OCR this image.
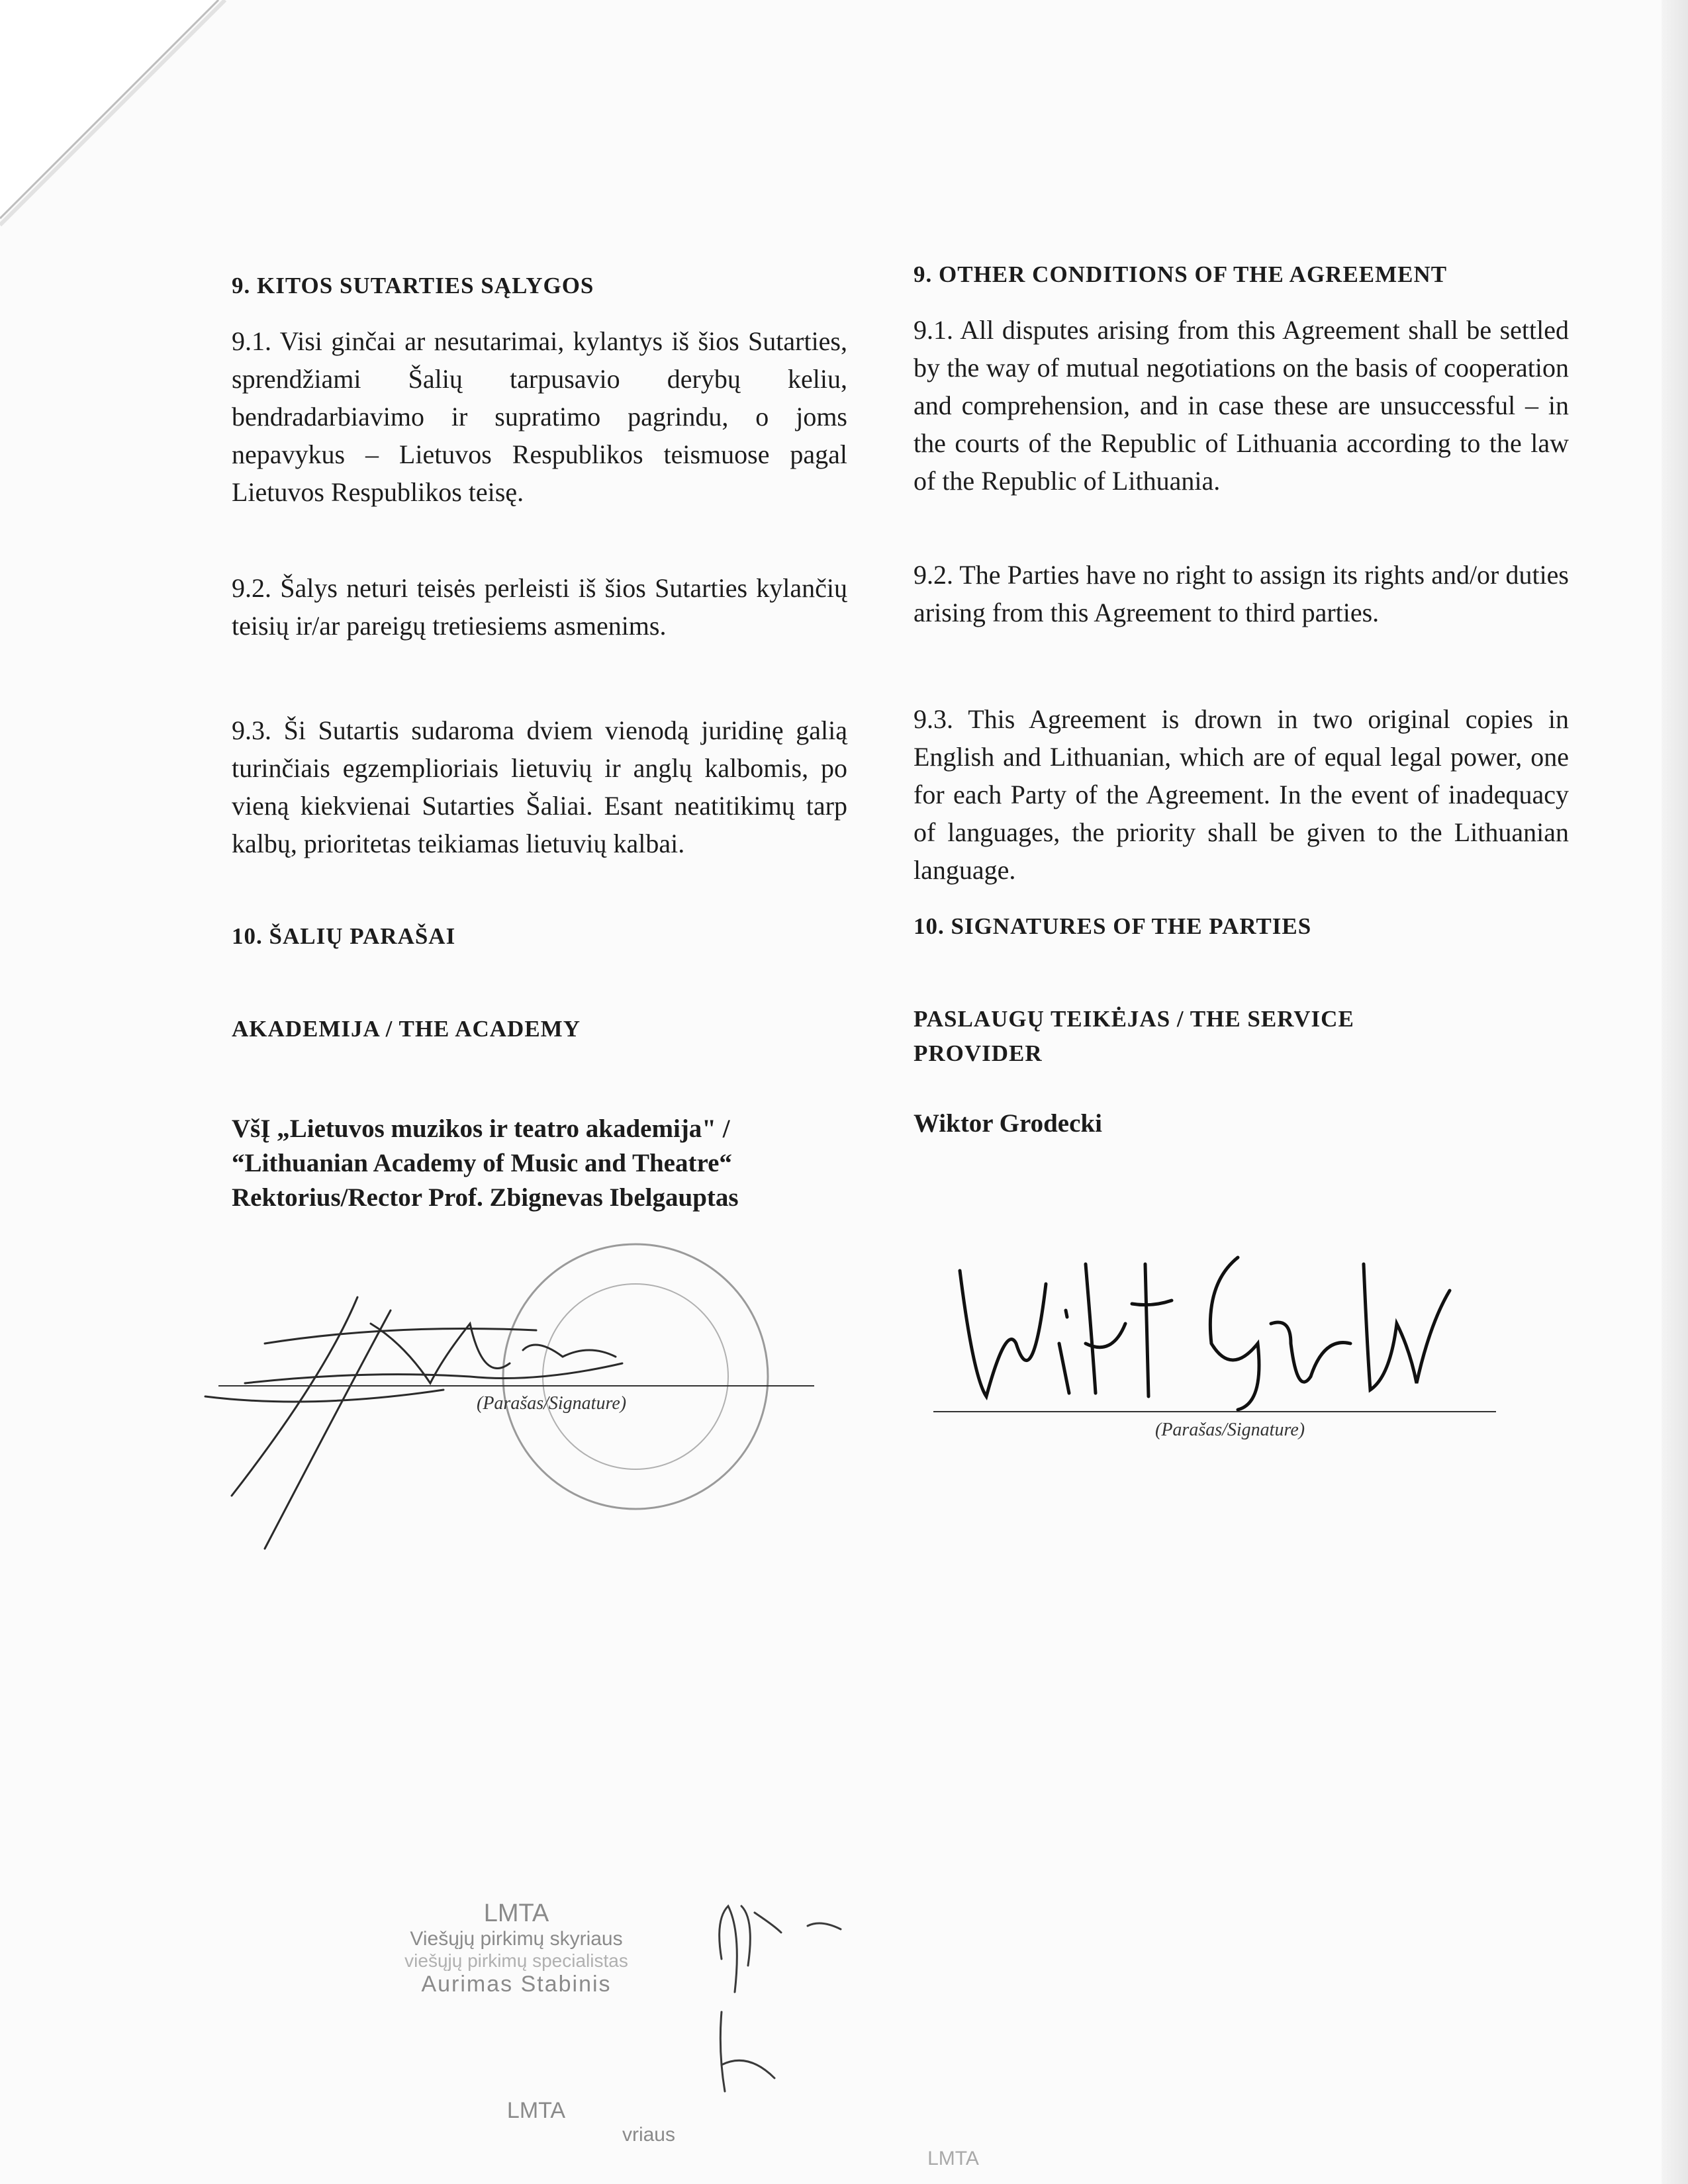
9. KITOS SUTARTIES SĄLYGOS
9.1. Visi ginčai ar nesutarimai, kylantys iš šios Sutarties, sprendžiami Šalių tarpusavio derybų keliu, bendradarbiavimo ir supratimo pagrindu, o joms nepavykus – Lietuvos Respublikos teismuose pagal Lietuvos Respublikos teisę.
9.2. Šalys neturi teisės perleisti iš šios Sutarties kylančių teisių ir/ar pareigų tretiesiems asmenims.
9.3. Ši Sutartis sudaroma dviem vienodą juridinę galią turinčiais egzemplioriais lietuvių ir anglų kalbomis, po vieną kiekvienai Sutarties Šaliai. Esant neatitikimų tarp kalbų, prioritetas teikiamas lietuvių kalbai.
10. ŠALIŲ PARAŠAI
AKADEMIJA / THE ACADEMY
VšĮ „Lietuvos muzikos ir teatro akademija" /
“Lithuanian Academy of Music and Theatre“
Rektorius/Rector Prof. Zbignevas Ibelgauptas
(Parašas/Signature)
9. OTHER CONDITIONS OF THE AGREEMENT
9.1. All disputes arising from this Agreement shall be settled by the way of mutual negotiations on the basis of cooperation and comprehension, and in case these are unsuccessful – in the courts of the Republic of Lithuania according to the law of the Republic of Lithuania.
9.2. The Parties have no right to assign its rights and/or duties arising from this Agreement to third parties.
9.3. This Agreement is drown in two original copies in English and Lithuanian, which are of equal legal power, one for each Party of the Agreement. In the event of inadequacy of languages, the priority shall be given to the Lithuanian language.
10. SIGNATURES OF THE PARTIES
PASLAUGŲ TEIKĖJAS / THE SERVICE
PROVIDER
Wiktor Grodecki
(Parašas/Signature)
LMTA
Viešųjų pirkimų skyriaus
viešųjų pirkimų specialistas
Aurimas Stabinis
LMTA
vriaus
LMTA
